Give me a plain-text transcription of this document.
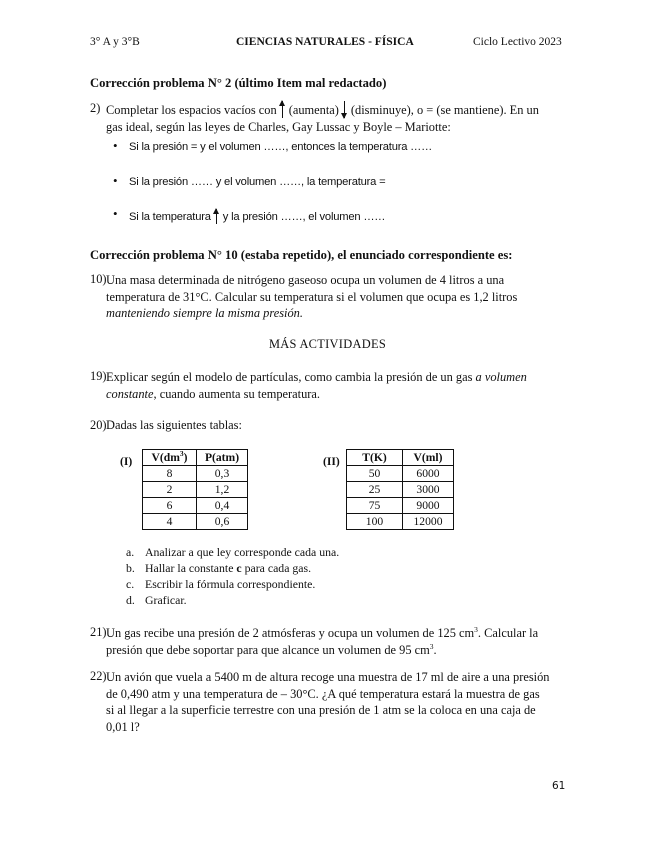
3° A y 3°B	CIENCIAS NATURALES - FÍSICA	Ciclo Lectivo 2023
Corrección problema N° 2 (último Item mal redactado)
2) Completar los espacios vacíos con (aumenta) (disminuye), o = (se mantiene). En un
gas ideal, según las leyes de Charles, Gay Lussac y Boyle – Mariotte:
• Si la presión = y el volumen ……, entonces la temperatura ……
• Si la presión …… y el volumen ……, la temperatura =
• Si la temperatura y la presión ……, el volumen ……
Corrección problema N° 10 (estaba repetido), el enunciado correspondiente es:
10) Una masa determinada de nitrógeno gaseoso ocupa un volumen de 4 litros a una
temperatura de 31°C. Calcular su temperatura si el volumen que ocupa es 1,2 litros
manteniendo siempre la misma presión.
MÁS ACTIVIDADES
19) Explicar según el modelo de partículas, como cambia la presión de un gas a volumen
constante, cuando aumenta su temperatura.
20) Dadas las siguientes tablas:
(I) $V(dm^3)$	P(atm)
8	0,3
2	1,2
6	0,4
4	0,6
(II) T(K)	V(ml)
50	6000
25	3000
75	9000
100	12000
a. Analizar a que ley corresponde cada una.
b. Hallar la constante c para cada gas.
c. Escribir la fórmula correspondiente.
d. Graficar.
21) Un gas recibe una presión de 2 atmósferas y ocupa un volumen de 125 $cm^3$. Calcular la
presión que debe soportar para que alcance un volumen de 95 $cm^3$.
22) Un avión que vuela a 5400 m de altura recoge una muestra de 17 ml de aire a una presión
de 0,490 atm y una temperatura de – 30°C. ¿A qué temperatura estará la muestra de gas
si al llegar a la superficie terrestre con una presión de 1 atm se la coloca en una caja de
0,01 l?
61
